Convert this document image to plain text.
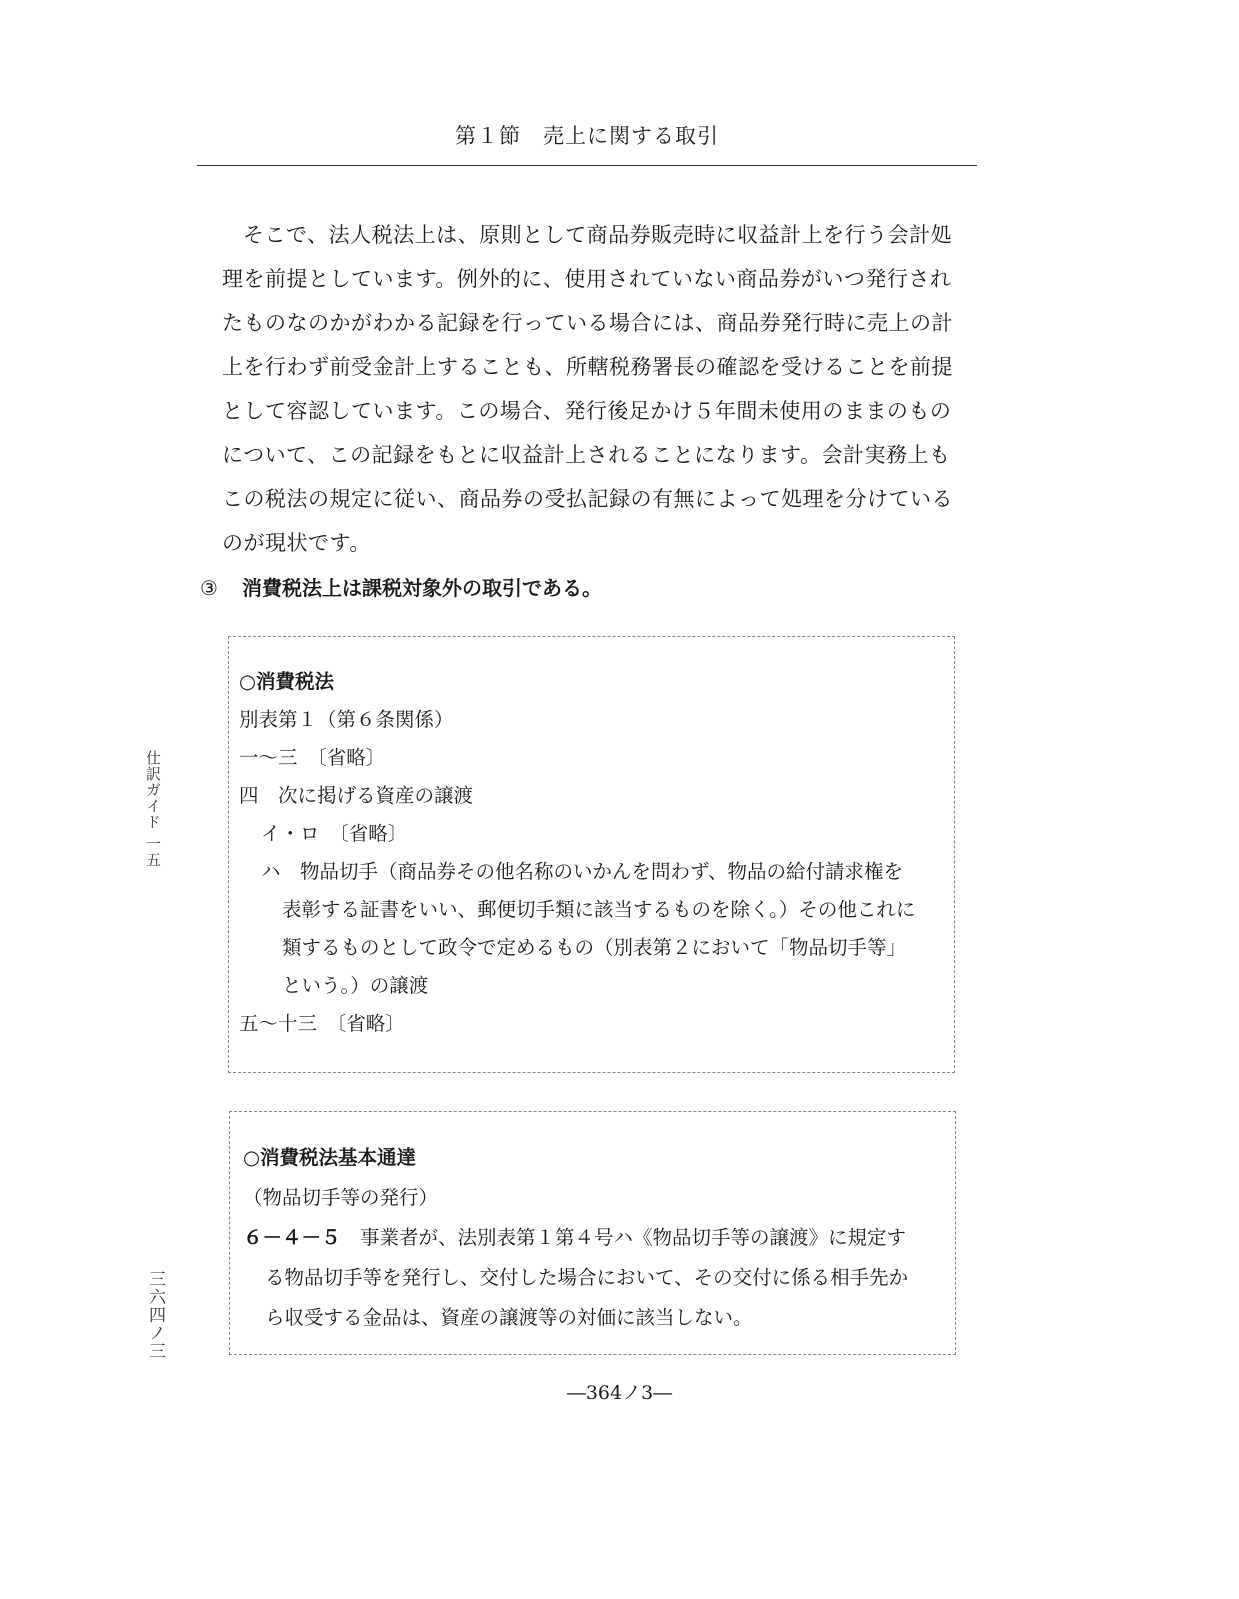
第１節　売上に関する取引
そこで、法人税法上は、原則として商品券販売時に収益計上を行う会計処
理を前提としています。例外的に、使用されていない商品券がいつ発行され
たものなのかがわかる記録を行っている場合には、商品券発行時に売上の計
上を行わず前受金計上することも、所轄税務署長の確認を受けることを前提
として容認しています。この場合、発行後足かけ５年間未使用のままのもの
について、この記録をもとに収益計上されることになります。会計実務上も
この税法の規定に従い、商品券の受払記録の有無によって処理を分けている
のが現状です。
③ 消費税法上は課税対象外の取引である。
○消費税法
別表第１（第６条関係）
一～三　〔省略〕
四　次に掲げる資産の譲渡
イ・ロ　〔省略〕
ハ　物品切手（商品券その他名称のいかんを問わず、物品の給付請求権を
表彰する証書をいい、郵便切手類に該当するものを除く。）その他これに
類するものとして政令で定めるもの（別表第２において「物品切手等」
という。）の譲渡
五～十三　〔省略〕
○消費税法基本通達
（物品切手等の発行）
６－４－５　 事業者が、法別表第１第４号ハ《物品切手等の譲渡》に規定す
る物品切手等を発行し、交付した場合において、その交付に係る相手先か
ら収受する金品は、資産の譲渡等の対価に該当しない。
仕訳ガイド 一五
三六四ノ三
―364ノ3―
